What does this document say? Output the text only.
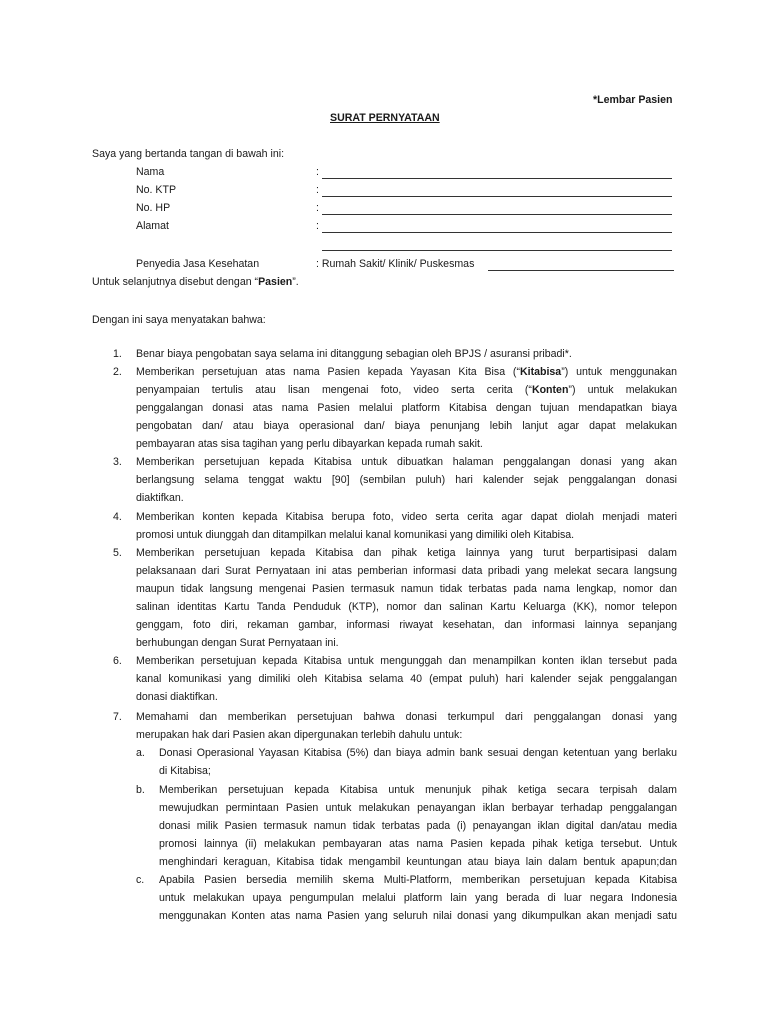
*Lembar Pasien
SURAT PERNYATAAN
Saya yang bertanda tangan di bawah ini:
Nama	:
No. KTP	:
No. HP	:
Alamat	:
Penyedia Jasa Kesehatan	: Rumah Sakit/ Klinik/ Puskesmas
Untuk selanjutnya disebut dengan “Pasien”.
Dengan ini saya menyatakan bahwa:
1. Benar biaya pengobatan saya selama ini ditanggung sebagian oleh BPJS / asuransi pribadi*.
2. Memberikan persetujuan atas nama Pasien kepada Yayasan Kita Bisa (“Kitabisa”) untuk menggunakan
penyampaian tertulis atau lisan mengenai foto, video serta cerita (“Konten”) untuk melakukan
penggalangan donasi atas nama Pasien melalui platform Kitabisa dengan tujuan mendapatkan biaya
pengobatan dan/ atau biaya operasional dan/ biaya penunjang lebih lanjut agar dapat melakukan
pembayaran atas sisa tagihan yang perlu dibayarkan kepada rumah sakit.
3. Memberikan persetujuan kepada Kitabisa untuk dibuatkan halaman penggalangan donasi yang akan
berlangsung selama tenggat waktu [90] (sembilan puluh) hari kalender sejak penggalangan donasi
diaktifkan.
4. Memberikan konten kepada Kitabisa berupa foto, video serta cerita agar dapat diolah menjadi materi
promosi untuk diunggah dan ditampilkan melalui kanal komunikasi yang dimiliki oleh Kitabisa.
5. Memberikan persetujuan kepada Kitabisa dan pihak ketiga lainnya yang turut berpartisipasi dalam
pelaksanaan dari Surat Pernyataan ini atas pemberian informasi data pribadi yang melekat secara langsung
maupun tidak langsung mengenai Pasien termasuk namun tidak terbatas pada nama lengkap, nomor dan
salinan identitas Kartu Tanda Penduduk (KTP), nomor dan salinan Kartu Keluarga (KK), nomor telepon
genggam, foto diri, rekaman gambar, informasi riwayat kesehatan, dan informasi lainnya sepanjang
berhubungan dengan Surat Pernyataan ini.
6. Memberikan persetujuan kepada Kitabisa untuk mengunggah dan menampilkan konten iklan tersebut pada
kanal komunikasi yang dimiliki oleh Kitabisa selama 40 (empat puluh) hari kalender sejak penggalangan
donasi diaktifkan.
7. Memahami dan memberikan persetujuan bahwa donasi terkumpul dari penggalangan donasi yang
merupakan hak dari Pasien akan dipergunakan terlebih dahulu untuk:
a. Donasi Operasional Yayasan Kitabisa (5%) dan biaya admin bank sesuai dengan ketentuan yang berlaku
di Kitabisa;
b. Memberikan persetujuan kepada Kitabisa untuk menunjuk pihak ketiga secara terpisah dalam
mewujudkan permintaan Pasien untuk melakukan penayangan iklan berbayar terhadap penggalangan
donasi milik Pasien termasuk namun tidak terbatas pada (i) penayangan iklan digital dan/atau media
promosi lainnya (ii) melakukan pembayaran atas nama Pasien kepada pihak ketiga tersebut. Untuk
menghindari keraguan, Kitabisa tidak mengambil keuntungan atau biaya lain dalam bentuk apapun;dan
c. Apabila Pasien bersedia memilih skema Multi-Platform, memberikan persetujuan kepada Kitabisa
untuk melakukan upaya pengumpulan melalui platform lain yang berada di luar negara Indonesia
menggunakan Konten atas nama Pasien yang seluruh nilai donasi yang dikumpulkan akan menjadi satu
